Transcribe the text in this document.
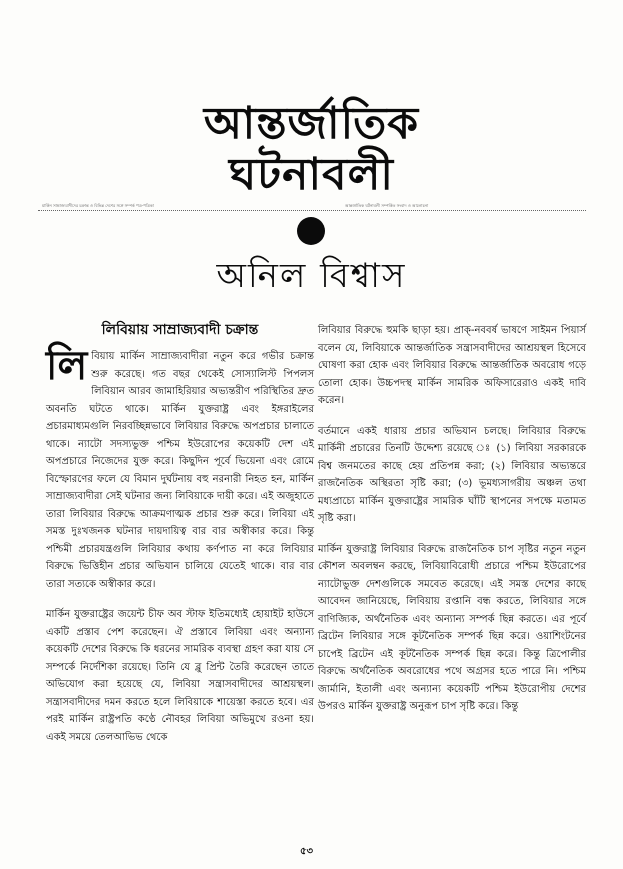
আন্তর্জাতিক
ঘটনাবলী
মার্কিন সাম্রাজ্যবাদীদের চক্রান্ত ও বিভিন্ন দেশের সঙ্গে সম্পর্ক পত্র-পত্রিকা	আন্তর্জাতিক ঘটনাবলী সম্পর্কিত সংবাদ ও আলোচনা
অনিল বিশ্বাস
লিবিয়ায় সাম্রাজ্যবাদী চক্রান্ত

লিবিয়ায় মার্কিন সাম্রাজ্যবাদীরা নতুন করে গভীর চক্রান্ত শুরু করেছে। গত বছর থেকেই সোস্যালিস্ট পিপলস লিবিয়ান আরব জামাহিরিয়ার অভ্যন্তরীণ পরিস্থিতির দ্রুত অবনতি ঘটতে থাকে। মার্কিন যুক্তরাষ্ট্র এবং ইঙ্গরাইলের প্রচারমাধ্যমগুলি নিরবচ্ছিন্নভাবে লিবিয়ার বিরুদ্ধে অপপ্রচার চালাতে থাকে। ন্যাটো সদস্যভুক্ত পশ্চিম ইউরোপের কয়েকটি দেশ এই অপপ্রচারে নিজেদের যুক্ত করে। কিছুদিন পূর্বে ভিয়েনা এবং রোমে বিস্ফোরণের ফলে যে বিমান দুর্ঘটনায় বহু নরনারী নিহত হন, মার্কিন সাম্রাজ্যবাদীরা সেই ঘটনার জন্য লিবিয়াকে দায়ী করে। এই অজুহাতে তারা লিবিয়ার বিরুদ্ধে আক্রমণাত্মক প্রচার শুরু করে। লিবিয়া এই সমস্ত দুঃখজনক ঘটনার দায়দায়িত্ব বার বার অস্বীকার করে। কিন্তু পশ্চিমী প্রচারযন্ত্রগুলি লিবিয়ার কথায় কর্ণপাত না করে লিবিয়ার বিরুদ্ধে ভিত্তিহীন প্রচার অভিযান চালিয়ে যেতেই থাকে। বার বার তারা সত্যকে অস্বীকার করে।

মার্কিন যুক্তরাষ্ট্রের জয়েন্ট চীফ অব স্টাফ ইতিমধ্যেই হোয়াইট হাউসে একটি প্রস্তাব পেশ করেছেন। ঐ প্রস্তাবে লিবিয়া এবং অন্যান্য কয়েকটি দেশের বিরুদ্ধে কি ধরনের সামরিক ব্যবস্থা গ্রহণ করা যায় সে সম্পর্কে নির্দেশিকা রয়েছে। তিনি যে ব্লু প্রিন্ট তৈরি করেছেন তাতে অভিযোগ করা হয়েছে যে, লিবিয়া সন্ত্রাসবাদীদের আশ্রয়স্থল। সন্ত্রাসবাদীদের দমন করতে হলে লিবিয়াকে শায়েস্তা করতে হবে। এর পরই মার্কিন রাষ্ট্রপতি কণ্ঠে নৌবহর লিবিয়া অভিমুখে রওনা হয়। একই সময়ে তেলআভিভ থেকে

লিবিয়ার বিরুদ্ধে হুমকি ছাড়া হয়। প্রাক্-নববর্ষ ভাষণে সাইমন পিয়ার্স বলেন যে, লিবিয়াকে আন্তর্জাতিক সন্ত্রাসবাদীদের আশ্রয়স্থল হিসেবে ঘোষণা করা হোক এবং লিবিয়ার বিরুদ্ধে আন্তর্জাতিক অবরোধ গড়ে তোলা হোক। উচ্চপদস্থ মার্কিন সামরিক অফিসারেরাও একই দাবি করেন।

বর্তমানে একই ধারায় প্রচার অভিযান চলছে। লিবিয়ার বিরুদ্ধে মার্কিনী প্রচারের তিনটি উদ্দেশ্য রয়েছে ঃ (১) লিবিয়া সরকারকে বিশ্ব জনমতের কাছে হেয় প্রতিপন্ন করা; (২) লিবিয়ার অভ্যন্তরে রাজনৈতিক অস্থিরতা সৃষ্টি করা; (৩) ভূমধ্যসাগরীয় অঞ্চল তথা মধ্যপ্রাচ্যে মার্কিন যুক্তরাষ্ট্রের সামরিক ঘাঁটি স্থাপনের সপক্ষে মতামত সৃষ্টি করা।

মার্কিন যুক্তরাষ্ট্র লিবিয়ার বিরুদ্ধে রাজনৈতিক চাপ সৃষ্টির নতুন নতুন কৌশল অবলম্বন করছে, লিবিয়াবিরোধী প্রচারে পশ্চিম ইউরোপের ন্যাটোভুক্ত দেশগুলিকে সমবেত করেছে। এই সমস্ত দেশের কাছে আবেদন জানিয়েছে, লিবিয়ায় রপ্তানি বন্ধ করতে, লিবিয়ার সঙ্গে বাণিজ্যিক, অর্থনৈতিক এবং অন্যান্য সম্পর্ক ছিন্ন করতে। এর পূর্বে ব্রিটেন লিবিয়ার সঙ্গে কূটনৈতিক সম্পর্ক ছিন্ন করে। ওয়াশিংটনের চাপেই ব্রিটেন এই কূটনৈতিক সম্পর্ক ছিন্ন করে। কিন্তু ত্রিপোলীর বিরুদ্ধে অর্থনৈতিক অবরোধের পথে অগ্রসর হতে পারে নি। পশ্চিম জার্মানি, ইতালী এবং অন্যান্য কয়েকটি পশ্চিম ইউরোপীয় দেশের উপরও মার্কিন যুক্তরাষ্ট্র অনুরূপ চাপ সৃষ্টি করে। কিন্তু

৫৩
